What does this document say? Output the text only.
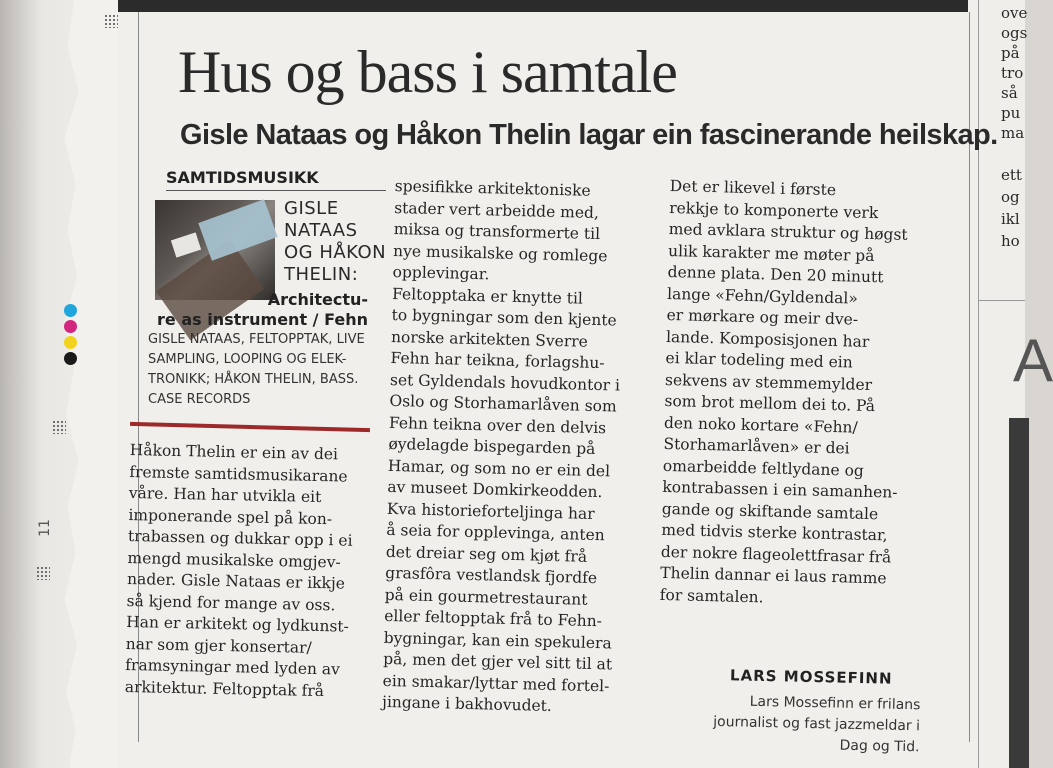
11
ove
ogs
på
tro
så
pu
ma
ett
og
ikl
ho
A
Hus og bass i samtale
Gisle Nataas og Håkon Thelin lagar ein fascinerande heilskap.
SAMTIDSMUSIKK
GISLE
NATAAS
OG HÅKON
THELIN:
Architectu-
re as instrument / Fehn
GISLE NATAAS, FELTOPPTAK, LIVE
SAMPLING, LOOPING OG ELEK-
TRONIKK; HÅKON THELIN, BASS.
CASE RECORDS
Håkon Thelin er ein av dei
fremste samtidsmusikarane
våre. Han har utvikla eit
imponerande spel på kon-
trabassen og dukkar opp i ei
mengd musikalske omgjev-
nader. Gisle Nataas er ikkje
så kjend for mange av oss.
Han er arkitekt og lydkunst-
nar som gjer konsertar/
framsyningar med lyden av
arkitektur. Feltopptak frå
spesifikke arkitektoniske
stader vert arbeidde med,
miksa og transformerte til
nye musikalske og romlege
opplevingar.
Feltopptaka er knytte til
to bygningar som den kjente
norske arkitekten Sverre
Fehn har teikna, forlagshu-
set Gyldendals hovudkontor i
Oslo og Storhamarlåven som
Fehn teikna over den delvis
øydelagde bispegarden på
Hamar, og som no er ein del
av museet Domkirkeodden.
Kva historieforteljinga har
å seia for opplevinga, anten
det dreiar seg om kjøt frå
grasfôra vestlandsk fjordfe
på ein gourmetrestaurant
eller feltopptak frå to Fehn-
bygningar, kan ein spekulera
på, men det gjer vel sitt til at
ein smakar/lyttar med fortel-
jingane i bakhovudet.
Det er likevel i første
rekkje to komponerte verk
med avklara struktur og høgst
ulik karakter me møter på
denne plata. Den 20 minutt
lange «Fehn/Gyldendal»
er mørkare og meir dve-
lande. Komposisjonen har
ei klar todeling med ein
sekvens av stemmemylder
som brot mellom dei to. På
den noko kortare «Fehn/
Storhamarlåven» er dei
omarbeidde feltlydane og
kontrabassen i ein samanhen-
gande og skiftande samtale
med tidvis sterke kontrastar,
der nokre flageolettfrasar frå
Thelin dannar ei laus ramme
for samtalen.
LARS MOSSEFINN
Lars Mossefinn er frilans
journalist og fast jazzmeldar i
Dag og Tid.
